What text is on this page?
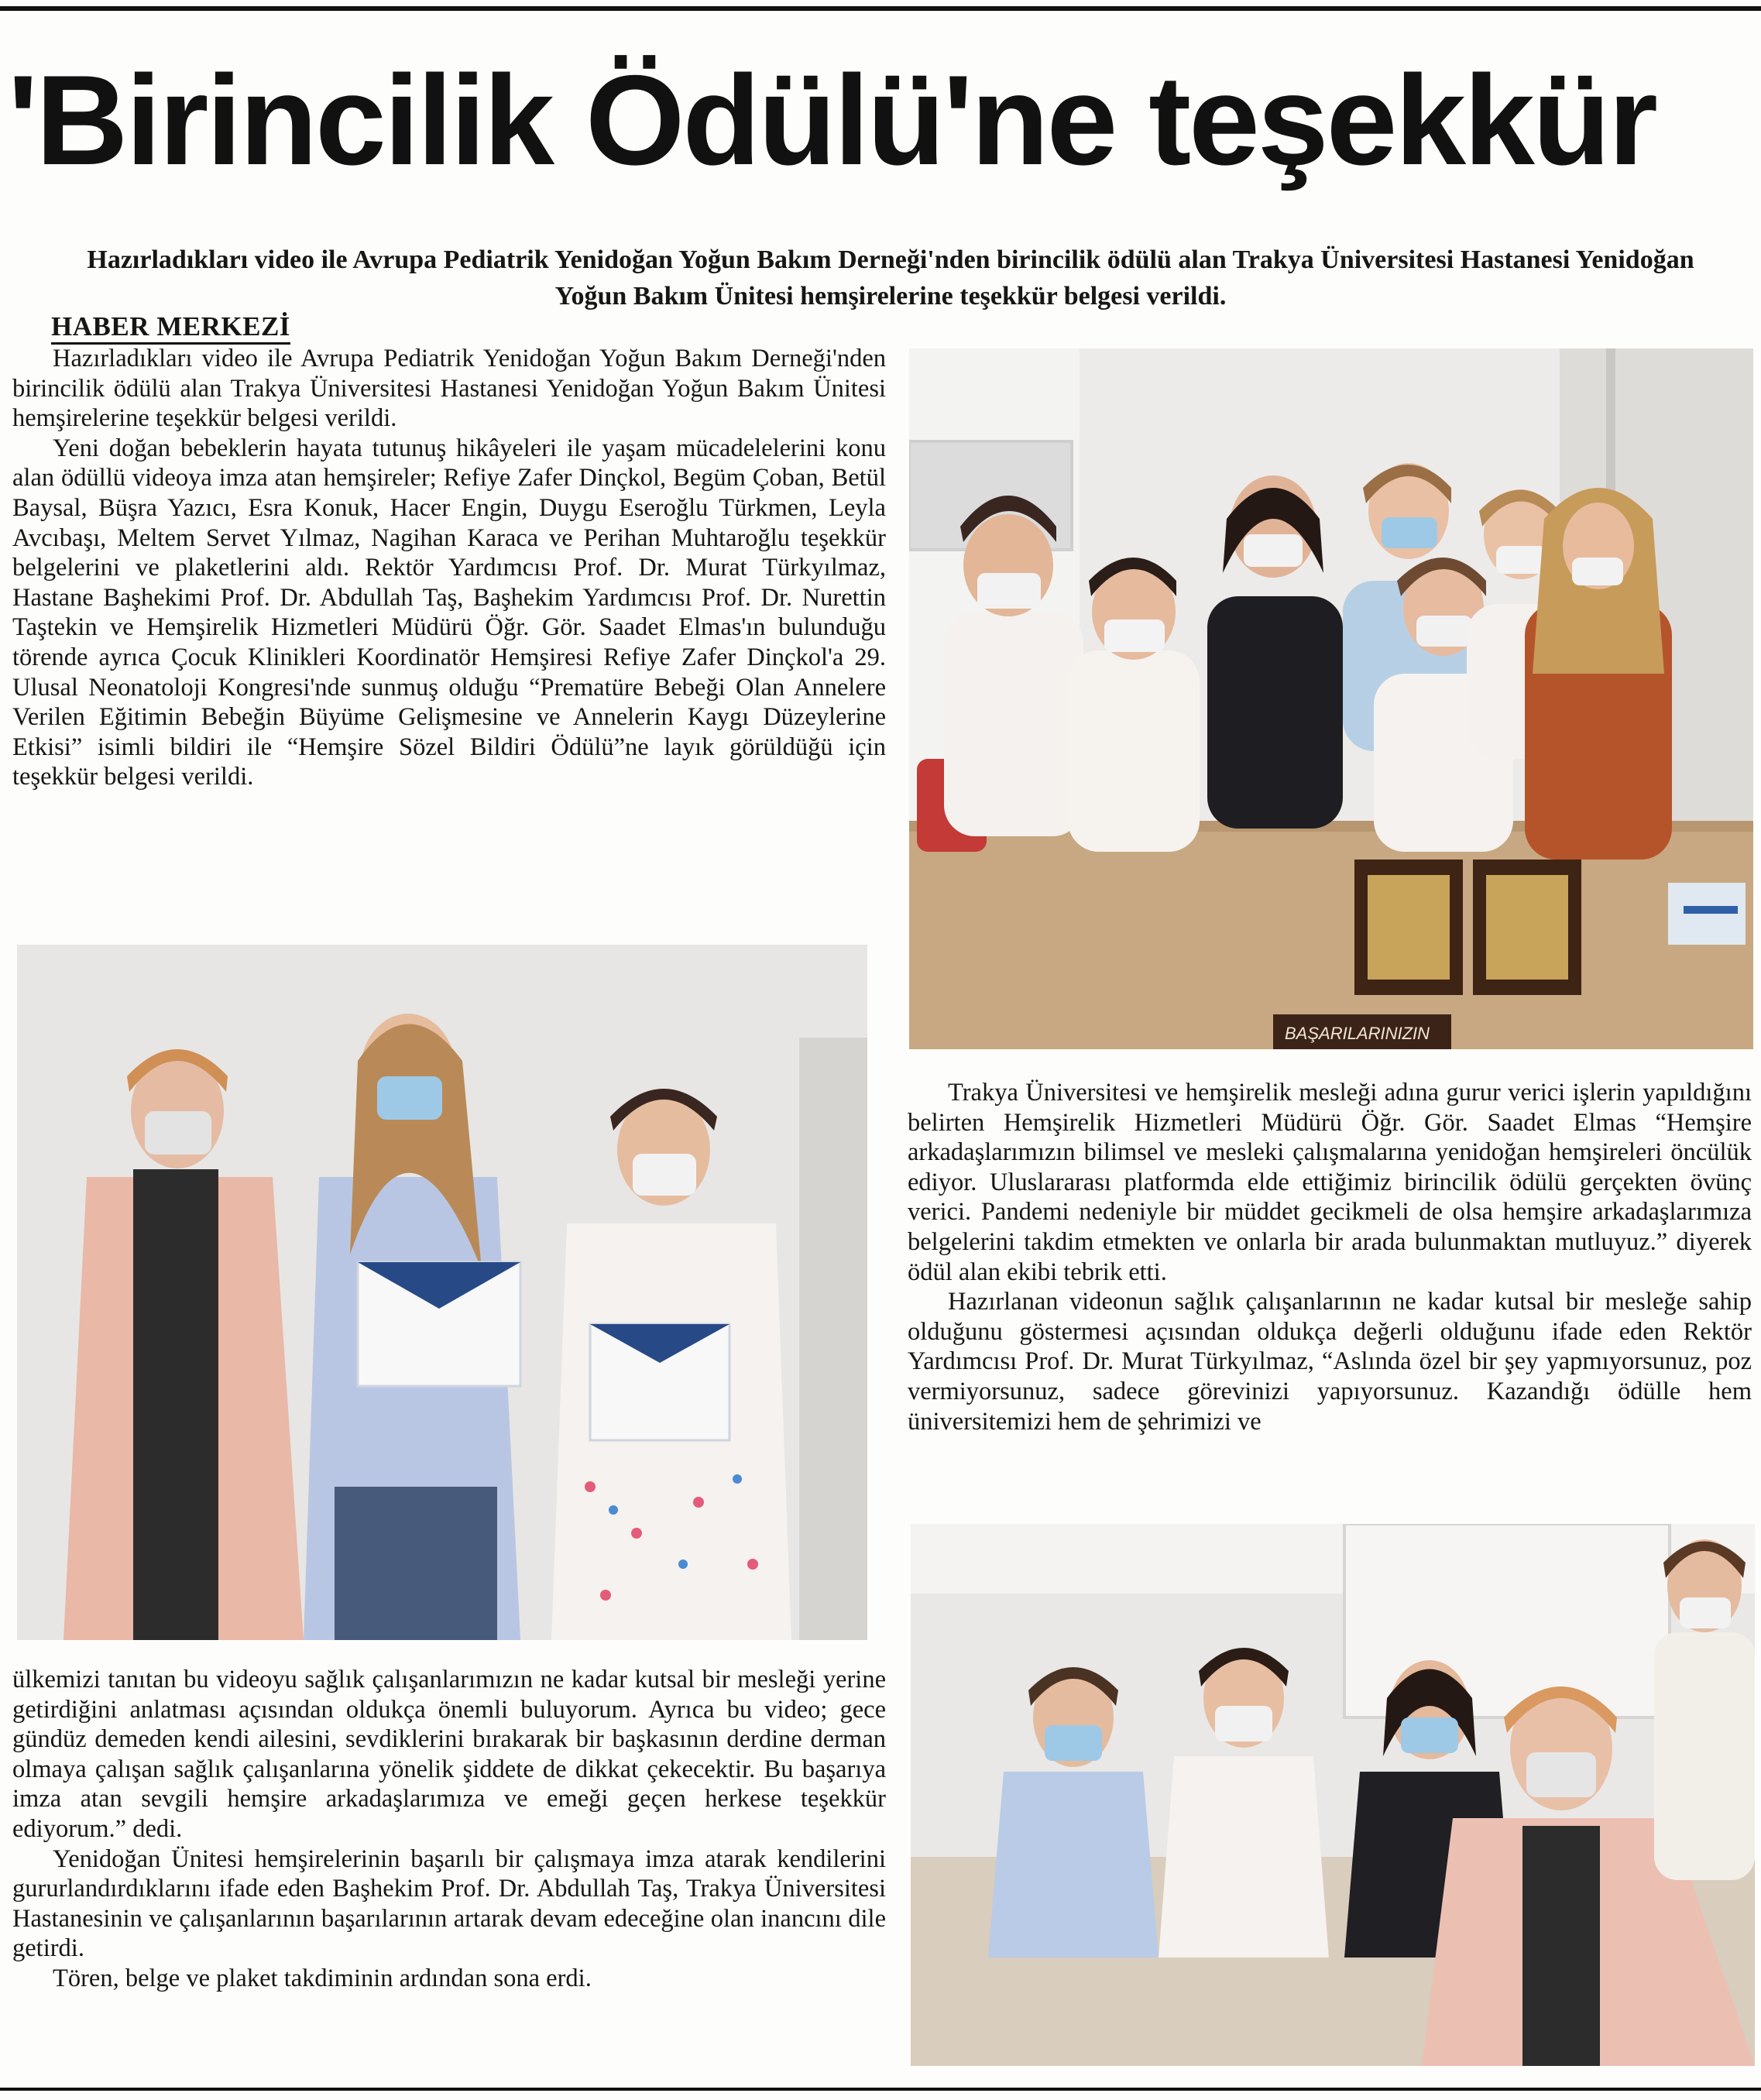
'Birincilik Ödülü'ne teşekkür
Hazırladıkları video ile Avrupa Pediatrik Yenidoğan Yoğun Bakım Derneği'nden birincilik ödülü alan Trakya Üniversitesi Hastanesi Yenidoğan Yoğun Bakım Ünitesi hemşirelerine teşekkür belgesi verildi.
HABER MERKEZİ

Hazırladıkları video ile Avrupa Pediatrik Yenidoğan Yoğun Bakım Derneği'nden birincilik ödülü alan Trakya Üniversitesi Hastanesi Yenidoğan Yoğun Bakım Ünitesi hemşirelerine teşekkür belgesi verildi.

Yeni doğan bebeklerin hayata tutunuş hikâyeleri ile yaşam mücadelelerini konu alan ödüllü videoya imza atan hemşireler; Refiye Zafer Dinçkol, Begüm Çoban, Betül Baysal, Büşra Yazıcı, Esra Konuk, Hacer Engin, Duygu Eseroğlu Türkmen, Leyla Avcıbaşı, Meltem Servet Yılmaz, Nagihan Karaca ve Perihan Muhtaroğlu teşekkür belgelerini ve plaketlerini aldı. Rektör Yardımcısı Prof. Dr. Murat Türkyılmaz, Hastane Başhekimi Prof. Dr. Abdullah Taş, Başhekim Yardımcısı Prof. Dr. Nurettin Taştekin ve Hemşirelik Hizmetleri Müdürü Öğr. Gör. Saadet Elmas'ın bulunduğu törende ayrıca Çocuk Klinikleri Koordinatör Hemşiresi Refiye Zafer Dinçkol'a 29. Ulusal Neonatoloji Kongresi'nde sunmuş olduğu “Prematüre Bebeği Olan Annelere Verilen Eğitimin Bebeğin Büyüme Gelişmesine ve Annelerin Kaygı Düzeylerine Etkisi” isimli bildiri ile “Hemşire Sözel Bildiri Ödülü”ne layık görüldüğü için teşekkür belgesi verildi.

Trakya Üniversitesi ve hemşirelik mesleği adına gurur verici işlerin yapıldığını belirten Hemşirelik Hizmetleri Müdürü Öğr. Gör. Saadet Elmas “Hemşire arkadaşlarımızın bilimsel ve mesleki çalışmalarına yenidoğan hemşireleri öncülük ediyor. Uluslararası platformda elde ettiğimiz birincilik ödülü gerçekten övünç verici. Pandemi nedeniyle bir müddet gecikmeli de olsa hemşire arkadaşlarımıza belgelerini takdim etmekten ve onlarla bir arada bulunmaktan mutluyuz.” diyerek ödül alan ekibi tebrik etti.

Hazırlanan videonun sağlık çalışanlarının ne kadar kutsal bir mesleğe sahip olduğunu göstermesi açısından oldukça değerli olduğunu ifade eden Rektör Yardımcısı Prof. Dr. Murat Türkyılmaz, “Aslında özel bir şey yapmıyorsunuz, poz vermiyorsunuz, sadece görevinizi yapıyorsunuz. Kazandığı ödülle hem üniversitemizi hem de şehrimizi ve

ülkemizi tanıtan bu videoyu sağlık çalışanlarımızın ne kadar kutsal bir mesleği yerine getirdiğini anlatması açısından oldukça önemli buluyorum. Ayrıca bu video; gece gündüz demeden kendi ailesini, sevdiklerini bırakarak bir başkasının derdine derman olmaya çalışan sağlık çalışanlarına yönelik şiddete de dikkat çekecektir. Bu başarıya imza atan sevgili hemşire arkadaşlarımıza ve emeği geçen herkese teşekkür ediyorum.” dedi.

Yenidoğan Ünitesi hemşirelerinin başarılı bir çalışmaya imza atarak kendilerini gururlandırdıklarını ifade eden Başhekim Prof. Dr. Abdullah Taş, Trakya Üniversitesi Hastanesinin ve çalışanlarının başarılarının artarak devam edeceğine olan inancını dile getirdi.

Tören, belge ve plaket takdiminin ardından sona erdi.

BAŞARILARINIZIN
